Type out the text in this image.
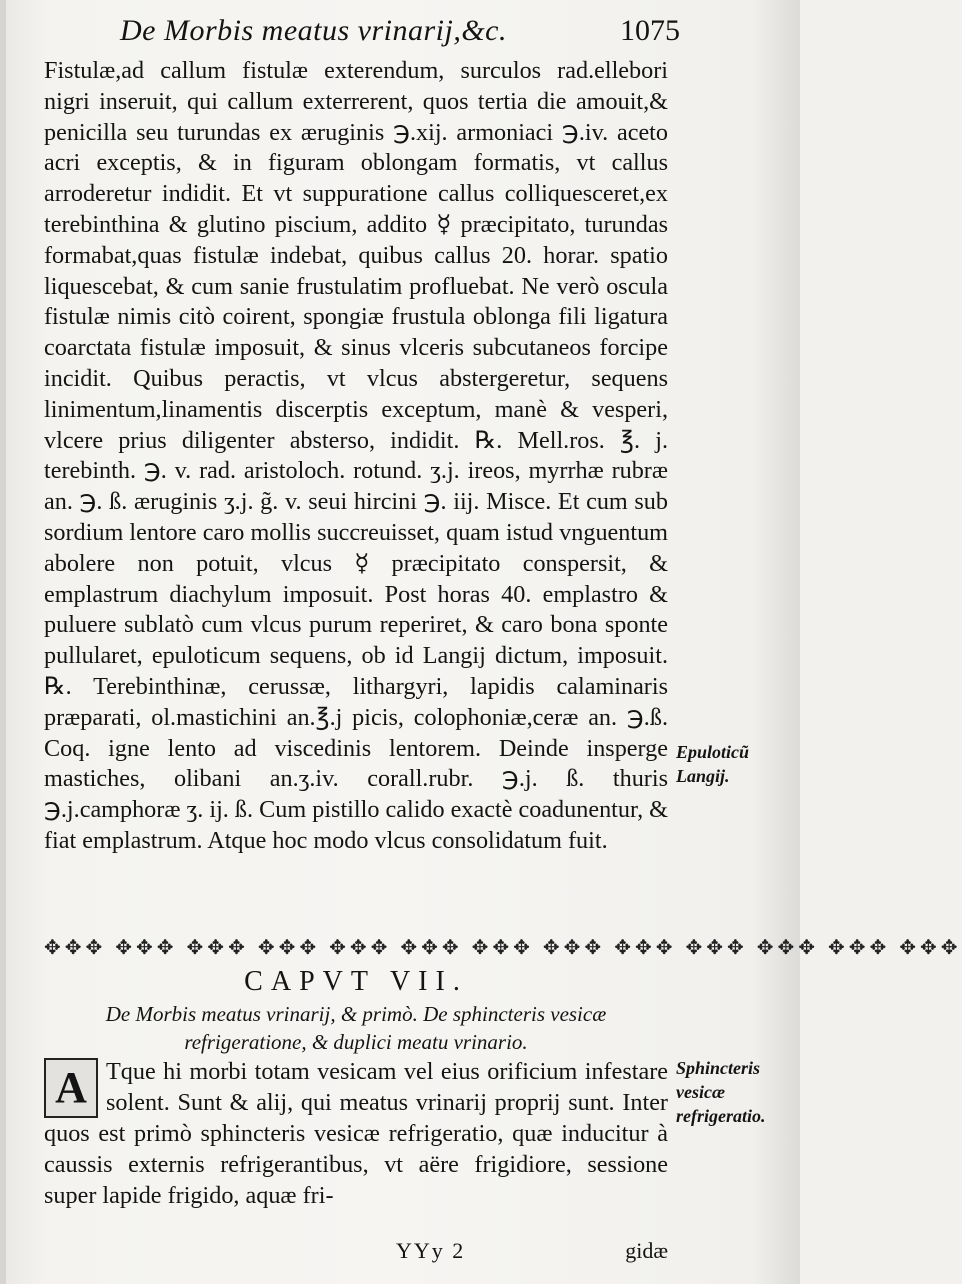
De Morbis meatus vrinarij,&c.	1075

Fistulæ,ad callum fistulæ exterendum, surculos rad.ellebori nigri inseruit, qui callum exterrerent, quos tertia die amouit,& penicilla seu turundas ex æruginis ℈.xij. armoniaci ℈.iv. aceto acri exceptis, & in figuram oblongam formatis, vt callus arroderetur indidit. Et vt suppuratione callus colliquesceret,ex terebinthina & glutino piscium, addito ☿ præcipitato, turundas formabat,quas fistulæ indebat, quibus callus 20. horar. spatio liquescebat, & cum sanie frustulatim profluebat. Ne verò oscula fistulæ nimis citò coirent, spongiæ frustula oblonga fili ligatura coarctata fistulæ imposuit, & sinus vlceris subcutaneos forcipe incidit. Quibus peractis, vt vlcus abstergeretur, sequens linimentum,linamentis discerptis exceptum, manè & vesperi, vlcere prius diligenter absterso, indidit. ℞. Mell.ros. ℥. j. terebinth. ℈. v. rad. aristoloch. rotund. ʒ.j. ireos, myrrhæ rubræ an. ℈. ß. æruginis ʒ.j. g̃. v. seui hircini ℈. iij. Misce. Et cum sub sordium lentore caro mollis succreuisset, quam istud vnguentum abolere non potuit, vlcus ☿ præcipitato conspersit, & emplastrum diachylum imposuit. Post horas 40. emplastro & puluere sublatò cum vlcus purum reperiret, & caro bona sponte pullularet, epuloticum sequens, ob id Langij dictum, imposuit. ℞. Terebinthinæ, cerussæ, lithargyri, lapidis calaminaris præparati, ol.mastichini an.℥.j picis, colophoniæ,ceræ an. ℈.ß. Coq. igne lento ad viscedinis lentorem. Deinde insperge mastiches, olibani an.ʒ.iv. corall.rubr. ℈.j. ß. thuris ℈.j.camphoræ ʒ. ij. ß. Cum pistillo calido exactè coadunentur, & fiat emplastrum. Atque hoc modo vlcus consolidatum fuit.

Epuloticũ Langij.
✥✥✥ ✥✥✥ ✥✥✥ ✥✥✥ ✥✥✥ ✥✥✥ ✥✥✥ ✥✥✥ ✥✥✥ ✥✥✥ ✥✥✥ ✥✥✥ ✥✥✥
CAPVT VII.
De Morbis meatus vrinarij, & primò. De sphincteris vesicæ refrigeratione, & duplici meatu vrinario.
A Tque hi morbi totam vesicam vel eius orificium infestare solent. Sunt & alij, qui meatus vrinarij proprij sunt. Inter quos est primò sphincteris vesicæ refrigeratio, quæ inducitur à caussis externis refrigerantibus, vt aëre frigidiore, sessione super lapide frigido, aquæ fri-
Sphincteris vesicæ refrigeratio.
YYy 2	gidæ
